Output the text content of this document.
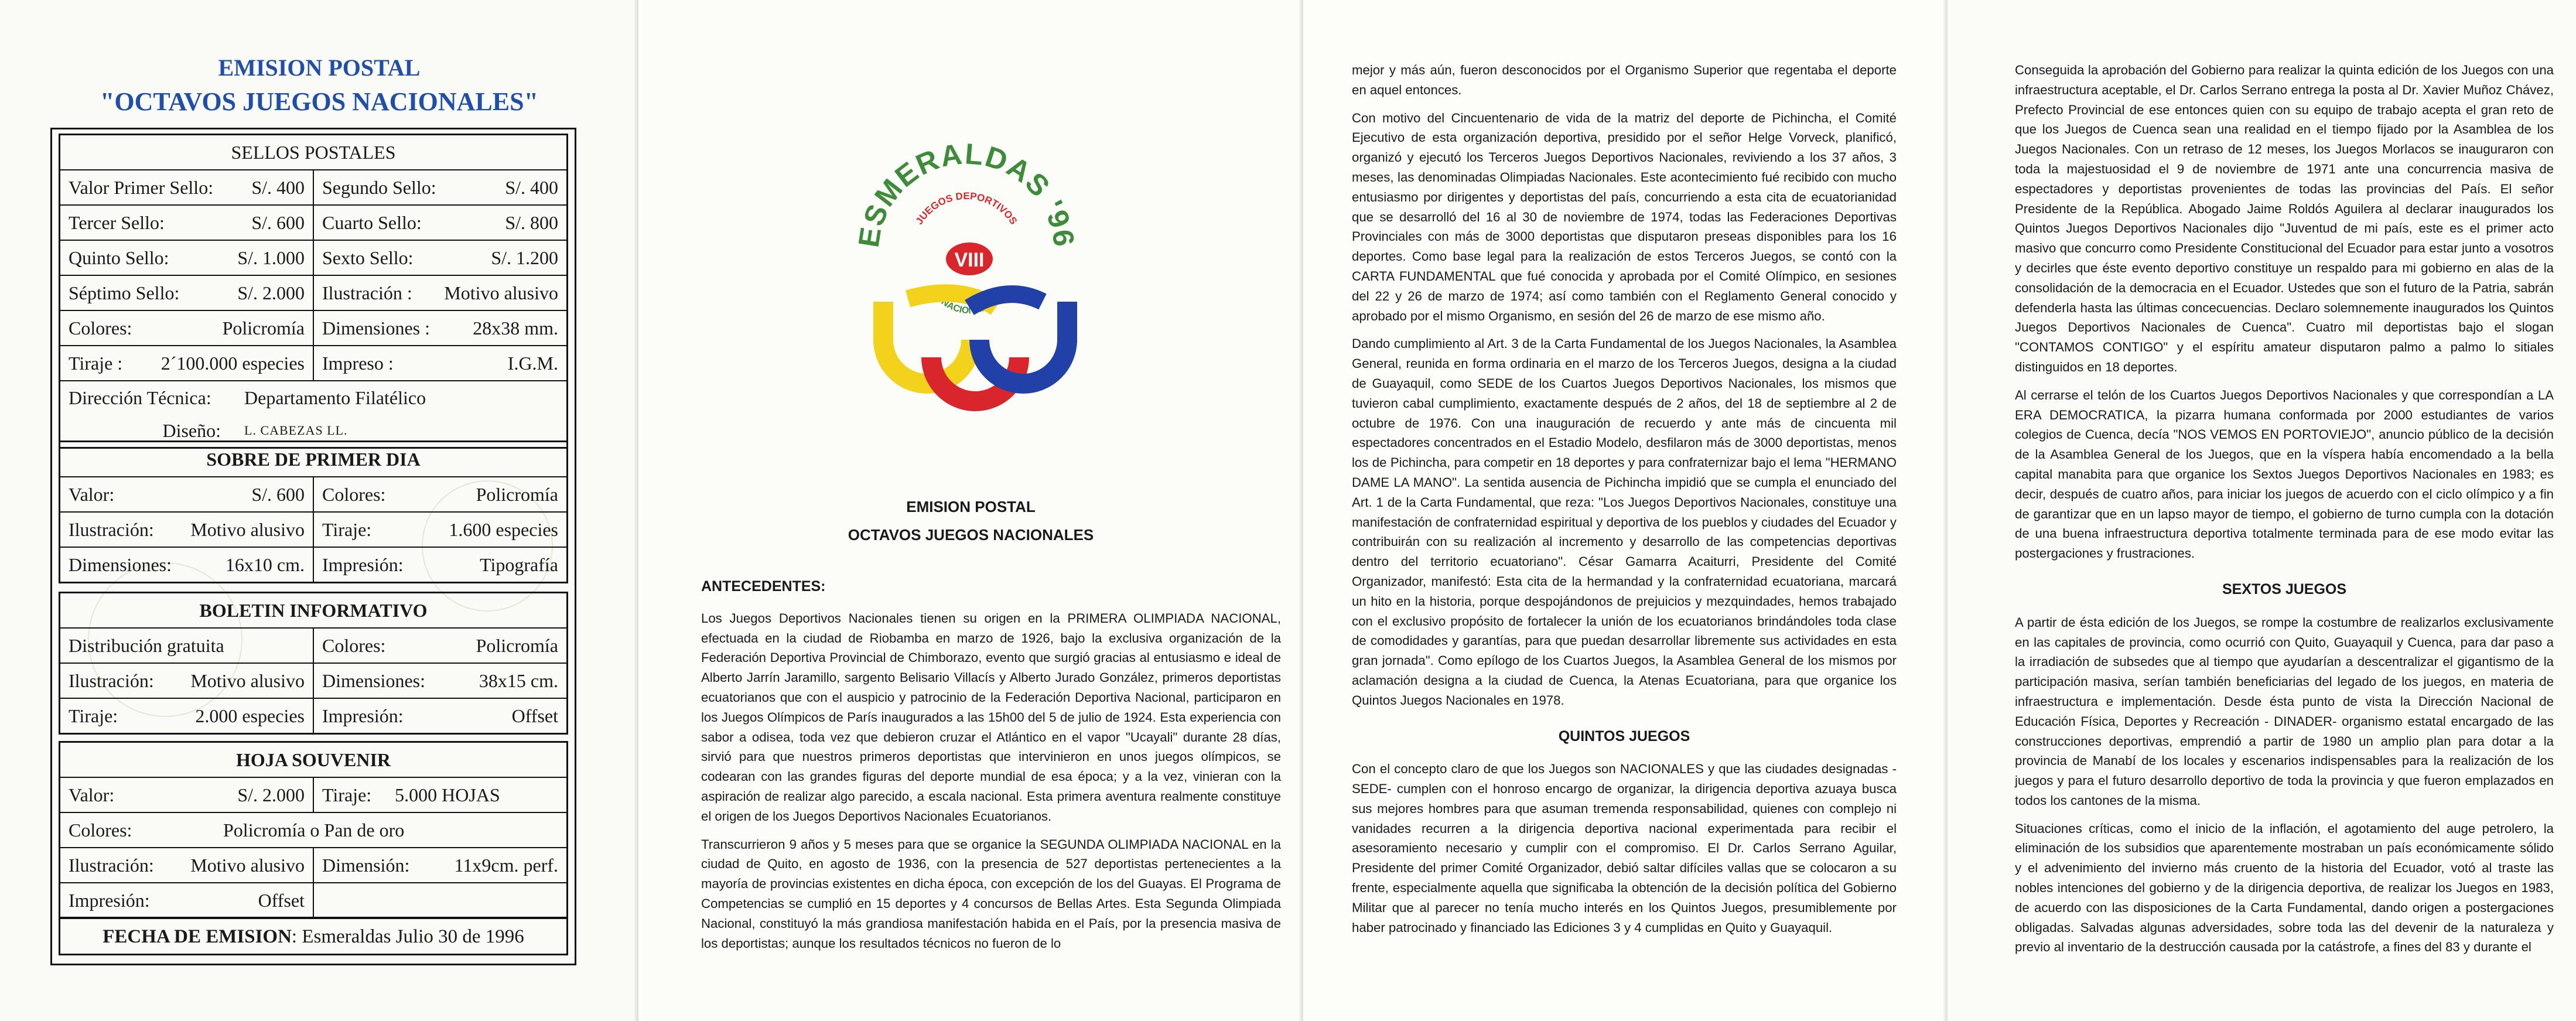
EMISION POSTAL
"OCTAVOS JUEGOS NACIONALES"
SELLOS POSTALES
Valor Primer Sello: S/. 400 Segundo Sello:	S/. 400
Tercer Sello:	S/. 600 Cuarto Sello:	S/. 800
Quinto Sello:	S/. 1.000 Sexto Sello:	S/. 1.200
Séptimo Sello:	S/. 2.000 Ilustración : Motivo alusivo
Colores:	Policromía Dimensiones : 28x38 mm.
Tiraje : 2´100.000 especies Impreso :	I.G.M.
Dirección Técnica:	Departamento Filatélico
Diseño:	L. CABEZAS LL.
SOBRE DE PRIMER DIA
Valor:	S/. 600 Colores:	Policromía
Ilustración: Motivo alusivo Tiraje:	1.600 especies
Dimensiones:	16x10 cm. Impresión:	Tipografía
BOLETIN INFORMATIVO
Distribución gratuita	Colores:	Policromía
Ilustración: Motivo alusivo Dimensiones:	38x15 cm.
Tiraje:	2.000 especies Impresión:	Offset
HOJA SOUVENIR
Valor:	S/. 2.000 Tiraje: 5.000 HOJAS
Colores:	Policromía o Pan de oro
Ilustración: Motivo alusivo Dimensión: 11x9cm. perf.
Impresión:	Offset
FECHA DE EMISION: Esmeraldas Julio 30 de 1996
ESMERALDAS '96
JUEGOS DEPORTIVOS
VIII
NACIONALES
EMISION POSTAL
OCTAVOS JUEGOS NACIONALES

ANTECEDENTES:

Los Juegos Deportivos Nacionales tienen su origen en la PRIMERA OLIMPIADA NACIONAL, efectuada en la ciudad de Riobamba en marzo de 1926, bajo la exclusiva organización de la Federación Deportiva Provincial de Chimborazo, evento que surgió gracias al entusiasmo e ideal de Alberto Jarrín Jaramillo, sargento Belisario Villacís y Alberto Jurado González, primeros deportistas ecuatorianos que con el auspicio y patrocinio de la Federación Deportiva Nacional, participaron en los Juegos Olímpicos de París inaugurados a las 15h00 del 5 de julio de 1924. Esta experiencia con sabor a odisea, toda vez que debieron cruzar el Atlántico en el vapor "Ucayali" durante 28 días, sirvió para que nuestros primeros deportistas que intervinieron en unos juegos olímpicos, se codearan con las grandes figuras del deporte mundial de esa época; y a la vez, vinieran con la aspiración de realizar algo parecido, a escala nacional. Esta primera aventura realmente constituye el origen de los Juegos Deportivos Nacionales Ecuatorianos.

Transcurrieron 9 años y 5 meses para que se organice la SEGUNDA OLIMPIADA NACIONAL en la ciudad de Quito, en agosto de 1936, con la presencia de 527 deportistas pertenecientes a la mayoría de provincias existentes en dicha época, con excepción de los del Guayas. El Programa de Competencias se cumplió en 15 deportes y 4 concursos de Bellas Artes. Esta Segunda Olimpiada Nacional, constituyó la más grandiosa manifestación habida en el País, por la presencia masiva de los deportistas; aunque los resultados técnicos no fueron de lo

mejor y más aún, fueron desconocidos por el Organismo Superior que regentaba el deporte en aquel entonces.

Con motivo del Cincuentenario de vida de la matriz del deporte de Pichincha, el Comité Ejecutivo de esta organización deportiva, presidido por el señor Helge Vorveck, planificó, organizó y ejecutó los Terceros Juegos Deportivos Nacionales, reviviendo a los 37 años, 3 meses, las denominadas Olimpiadas Nacionales. Este acontecimiento fué recibido con mucho entusiasmo por dirigentes y deportistas del país, concurriendo a esta cita de ecuatorianidad que se desarrolló del 16 al 30 de noviembre de 1974, todas las Federaciones Deportivas Provinciales con más de 3000 deportistas que disputaron preseas disponibles para los 16 deportes. Como base legal para la realización de estos Terceros Juegos, se contó con la CARTA FUNDAMENTAL que fué conocida y aprobada por el Comité Olímpico, en sesiones del 22 y 26 de marzo de 1974; así como también con el Reglamento General conocido y aprobado por el mismo Organismo, en sesión del 26 de marzo de ese mismo año.

Dando cumplimiento al Art. 3 de la Carta Fundamental de los Juegos Nacionales, la Asamblea General, reunida en forma ordinaria en el marzo de los Terceros Juegos, designa a la ciudad de Guayaquil, como SEDE de los Cuartos Juegos Deportivos Nacionales, los mismos que tuvieron cabal cumplimiento, exactamente después de 2 años, del 18 de septiembre al 2 de octubre de 1976. Con una inauguración de recuerdo y ante más de cincuenta mil espectadores concentrados en el Estadio Modelo, desfilaron más de 3000 deportistas, menos los de Pichincha, para competir en 18 deportes y para confraternizar bajo el lema "HERMANO DAME LA MANO". La sentida ausencia de Pichincha impidió que se cumpla el enunciado del Art. 1 de la Carta Fundamental, que reza: "Los Juegos Deportivos Nacionales, constituye una manifestación de confraternidad espiritual y deportiva de los pueblos y ciudades del Ecuador y contribuirán con su realización al incremento y desarrollo de las competencias deportivas dentro del territorio ecuatoriano". César Gamarra Acaiturri, Presidente del Comité Organizador, manifestó: Esta cita de la hermandad y la confraternidad ecuatoriana, marcará un hito en la historia, porque despojándonos de prejuicios y mezquindades, hemos trabajado con el exclusivo propósito de fortalecer la unión de los ecuatorianos brindándoles toda clase de comodidades y garantías, para que puedan desarrollar libremente sus actividades en esta gran jornada". Como epílogo de los Cuartos Juegos, la Asamblea General de los mismos por aclamación designa a la ciudad de Cuenca, la Atenas Ecuatoriana, para que organice los Quintos Juegos Nacionales en 1978.

QUINTOS JUEGOS

Con el concepto claro de que los Juegos son NACIONALES y que las ciudades designadas -SEDE- cumplen con el honroso encargo de organizar, la dirigencia deportiva azuaya busca sus mejores hombres para que asuman tremenda responsabilidad, quienes con complejo ni vanidades recurren a la dirigencia deportiva nacional experimentada para recibir el asesoramiento necesario y cumplir con el compromiso. El Dr. Carlos Serrano Aguilar, Presidente del primer Comité Organizador, debió saltar difíciles vallas que se colocaron a su frente, especialmente aquella que significaba la obtención de la decisión política del Gobierno Militar que al parecer no tenía mucho interés en los Quintos Juegos, presumiblemente por haber patrocinado y financiado las Ediciones 3 y 4 cumplidas en Quito y Guayaquil.

Conseguida la aprobación del Gobierno para realizar la quinta edición de los Juegos con una infraestructura aceptable, el Dr. Carlos Serrano entrega la posta al Dr. Xavier Muñoz Chávez, Prefecto Provincial de ese entonces quien con su equipo de trabajo acepta el gran reto de que los Juegos de Cuenca sean una realidad en el tiempo fijado por la Asamblea de los Juegos Nacionales. Con un retraso de 12 meses, los Juegos Morlacos se inauguraron con toda la majestuosidad el 9 de noviembre de 1971 ante una concurrencia masiva de espectadores y deportistas provenientes de todas las provincias del País. El señor Presidente de la República. Abogado Jaime Roldós Aguilera al declarar inaugurados los Quintos Juegos Deportivos Nacionales dijo "Juventud de mi país, este es el primer acto masivo que concurro como Presidente Constitucional del Ecuador para estar junto a vosotros y decirles que éste evento deportivo constituye un respaldo para mi gobierno en alas de la consolidación de la democracia en el Ecuador. Ustedes que son el futuro de la Patria, sabrán defenderla hasta las últimas concecuencias. Declaro solemnemente inaugurados los Quintos Juegos Deportivos Nacionales de Cuenca". Cuatro mil deportistas bajo el slogan "CONTAMOS CONTIGO" y el espíritu amateur disputaron palmo a palmo lo sitiales distinguidos en 18 deportes.

Al cerrarse el telón de los Cuartos Juegos Deportivos Nacionales y que correspondían a LA ERA DEMOCRATICA, la pizarra humana conformada por 2000 estudiantes de varios colegios de Cuenca, decía "NOS VEMOS EN PORTOVIEJO", anuncio público de la decisión de la Asamblea General de los Juegos, que en la víspera había encomendado a la bella capital manabita para que organice los Sextos Juegos Deportivos Nacionales en 1983; es decir, después de cuatro años, para iniciar los juegos de acuerdo con el ciclo olímpico y a fin de garantizar que en un lapso mayor de tiempo, el gobierno de turno cumpla con la dotación de una buena infraestructura deportiva totalmente terminada para de ese modo evitar las postergaciones y frustraciones.

SEXTOS JUEGOS

A partir de ésta edición de los Juegos, se rompe la costumbre de realizarlos exclusivamente en las capitales de provincia, como ocurrió con Quito, Guayaquil y Cuenca, para dar paso a la irradiación de subsedes que al tiempo que ayudarían a descentralizar el gigantismo de la participación masiva, serían también beneficiarias del legado de los juegos, en materia de infraestructura e implementación. Desde ésta punto de vista la Dirección Nacional de Educación Física, Deportes y Recreación - DINADER- organismo estatal encargado de las construcciones deportivas, emprendió a partir de 1980 un amplio plan para dotar a la provincia de Manabí de los locales y escenarios indispensables para la realización de los juegos y para el futuro desarrollo deportivo de toda la provincia y que fueron emplazados en todos los cantones de la misma.

Situaciones críticas, como el inicio de la inflación, el agotamiento del auge petrolero, la eliminación de los subsidios que aparentemente mostraban un país económicamente sólido y el advenimiento del invierno más cruento de la historia del Ecuador, votó al traste las nobles intenciones del gobierno y de la dirigencia deportiva, de realizar los Juegos en 1983, de acuerdo con las disposiciones de la Carta Fundamental, dando origen a postergaciones obligadas. Salvadas algunas adversidades, sobre toda las del devenir de la naturaleza y previo al inventario de la destrucción causada por la catástrofe, a fines del 83 y durante el
